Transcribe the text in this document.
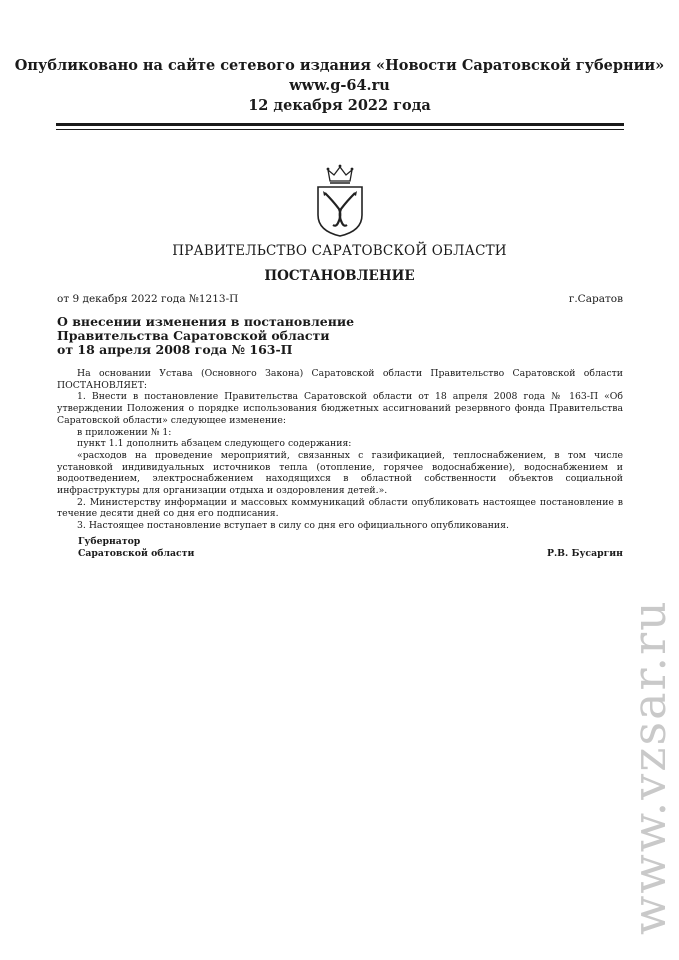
Опубликовано на сайте сетевого издания «Новости Саратовской губернии»
www.g-64.ru
12 декабря 2022 года
ПРАВИТЕЛЬСТВО САРАТОВСКОЙ ОБЛАСТИ
ПОСТАНОВЛЕНИЕ
от 9 декабря 2022 года №1213-П	г.Саратов
О внесении изменения в постановление
Правительства Саратовской области
от 18 апреля 2008 года № 163-П

На основании Устава (Основного Закона) Саратовской области Правительство Саратовской области ПОСТАНОВЛЯЕТ:

1. Внести в постановление Правительства Саратовской области от 18 апреля 2008 года № 163-П «Об утверждении Положения о порядке использования бюджетных ассигнований резервного фонда Правительства Саратовской области» следующее изменение:

в приложении № 1:

пункт 1.1 дополнить абзацем следующего содержания:

«расходов на проведение мероприятий, связанных с газификацией, теплоснабжением, в том числе установкой индивидуальных источников тепла (отопление, горячее водоснабжение), водоснабжением и водоотведением, электроснабжением находящихся в областной собственности объектов социальной инфраструктуры для организации отдыха и оздоровления детей.».

2. Министерству информации и массовых коммуникаций области опубликовать настоящее постановление в течение десяти дней со дня его подписания.

3. Настоящее постановление вступает в силу со дня его официального опубликования.

Губернатор
Саратовской области	Р.В. Бусаргин
www.vzsar.ru
